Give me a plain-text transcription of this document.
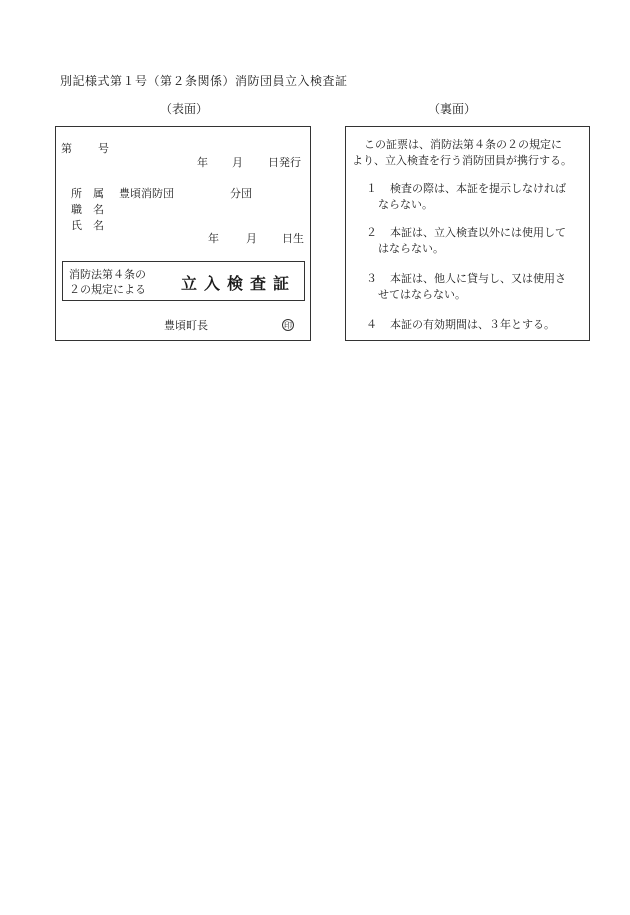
別記様式第１号（第２条関係）消防団員立入検査証
（表面）	（裏面）
第 号
年 月 日発行
所　属 豊頃消防団	分団
職　名
氏　名
年 月 日生
消防法第４条の
２の規定による 立入検査証
豊頃町長	印
この証票は、消防法第４条の２の規定に
より、立入検査を行う消防団員が携行する。
１ 検査の際は、本証を提示しなければ
ならない。
２ 本証は、立入検査以外には使用して
はならない。
３ 本証は、他人に貸与し、又は使用さ
せてはならない。
４ 本証の有効期間は、３年とする。
